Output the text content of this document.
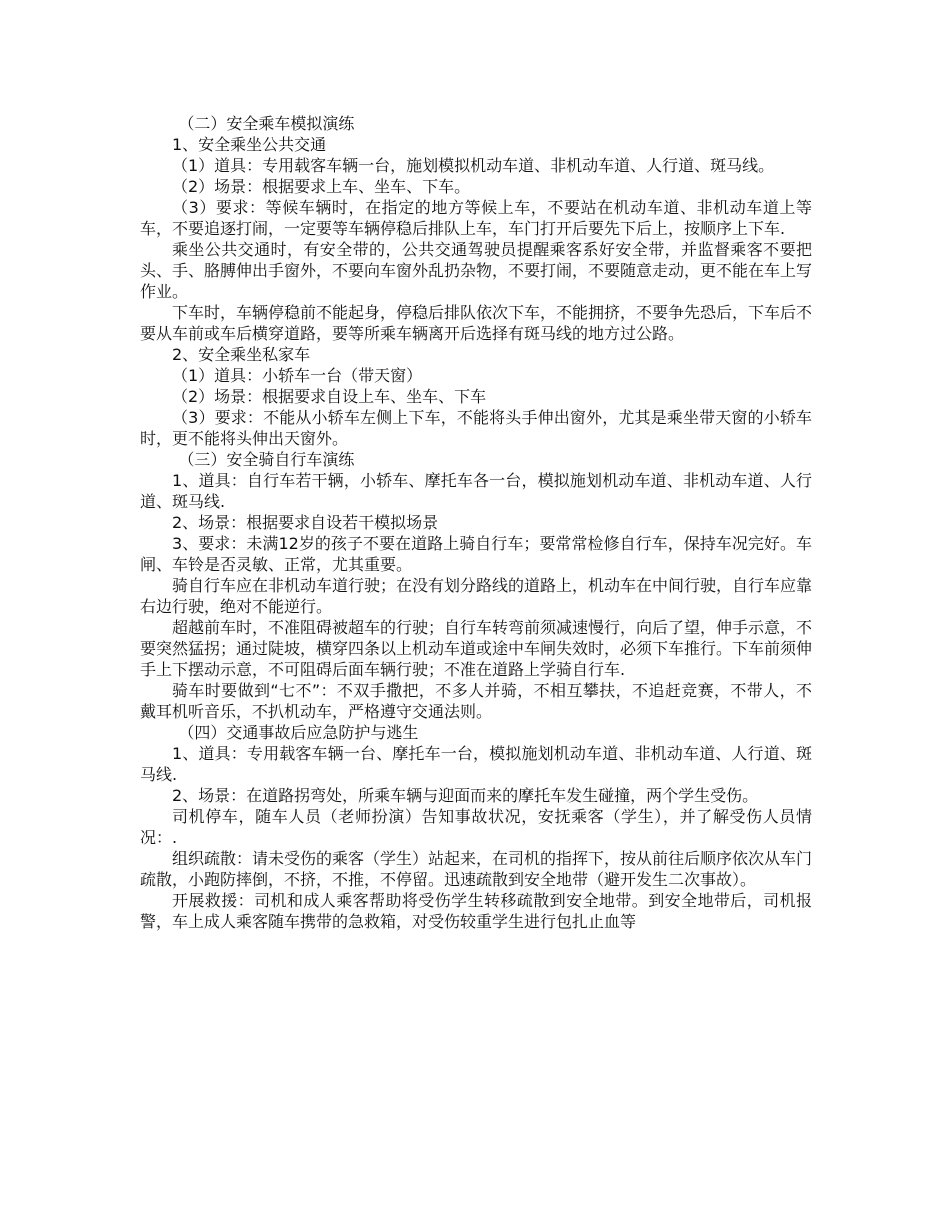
（二）安全乘车模拟演练

1、安全乘坐公共交通

（1）道具：专用载客车辆一台，施划模拟机动车道、非机动车道、人行道、斑马线。

（2）场景：根据要求上车、坐车、下车。

（3）要求：等候车辆时，在指定的地方等候上车，不要站在机动车道、非机动车道上等车，不要追逐打闹，一定要等车辆停稳后排队上车，车门打开后要先下后上，按顺序上下车.

乘坐公共交通时，有安全带的，公共交通驾驶员提醒乘客系好安全带，并监督乘客不要把头、手、胳膊伸出手窗外，不要向车窗外乱扔杂物，不要打闹，不要随意走动，更不能在车上写作业。

下车时，车辆停稳前不能起身，停稳后排队依次下车，不能拥挤，不要争先恐后，下车后不要从车前或车后横穿道路，要等所乘车辆离开后选择有斑马线的地方过公路。

2、安全乘坐私家车

（1）道具：小轿车一台（带天窗）

（2）场景：根据要求自设上车、坐车、下车

（3）要求：不能从小轿车左侧上下车，不能将头手伸出窗外，尤其是乘坐带天窗的小轿车时，更不能将头伸出天窗外。

（三）安全骑自行车演练

1、道具：自行车若干辆，小轿车、摩托车各一台，模拟施划机动车道、非机动车道、人行道、斑马线.

2、场景：根据要求自设若干模拟场景

3、要求：未满12岁的孩子不要在道路上骑自行车；要常常检修自行车，保持车况完好。车闸、车铃是否灵敏、正常，尤其重要。

骑自行车应在非机动车道行驶；在没有划分路线的道路上，机动车在中间行驶，自行车应靠右边行驶，绝对不能逆行。

超越前车时，不准阻碍被超车的行驶；自行车转弯前须减速慢行，向后了望，伸手示意，不要突然猛拐；通过陡坡，横穿四条以上机动车道或途中车闸失效时，必须下车推行。下车前须伸手上下摆动示意，不可阻碍后面车辆行驶；不准在道路上学骑自行车.

骑车时要做到“七不”：不双手撒把，不多人并骑，不相互攀扶，不追赶竞赛，不带人，不戴耳机听音乐，不扒机动车，严格遵守交通法则。

（四）交通事故后应急防护与逃生

1、道具：专用载客车辆一台、摩托车一台，模拟施划机动车道、非机动车道、人行道、斑马线.

2、场景：在道路拐弯处，所乘车辆与迎面而来的摩托车发生碰撞，两个学生受伤。

司机停车，随车人员（老师扮演）告知事故状况，安抚乘客（学生），并了解受伤人员情况：.

组织疏散：请未受伤的乘客（学生）站起来，在司机的指挥下，按从前往后顺序依次从车门疏散，小跑防摔倒，不挤，不推，不停留。迅速疏散到安全地带（避开发生二次事故）。

开展救援：司机和成人乘客帮助将受伤学生转移疏散到安全地带。到安全地带后，司机报警，车上成人乘客随车携带的急救箱，对受伤较重学生进行包扎止血等
